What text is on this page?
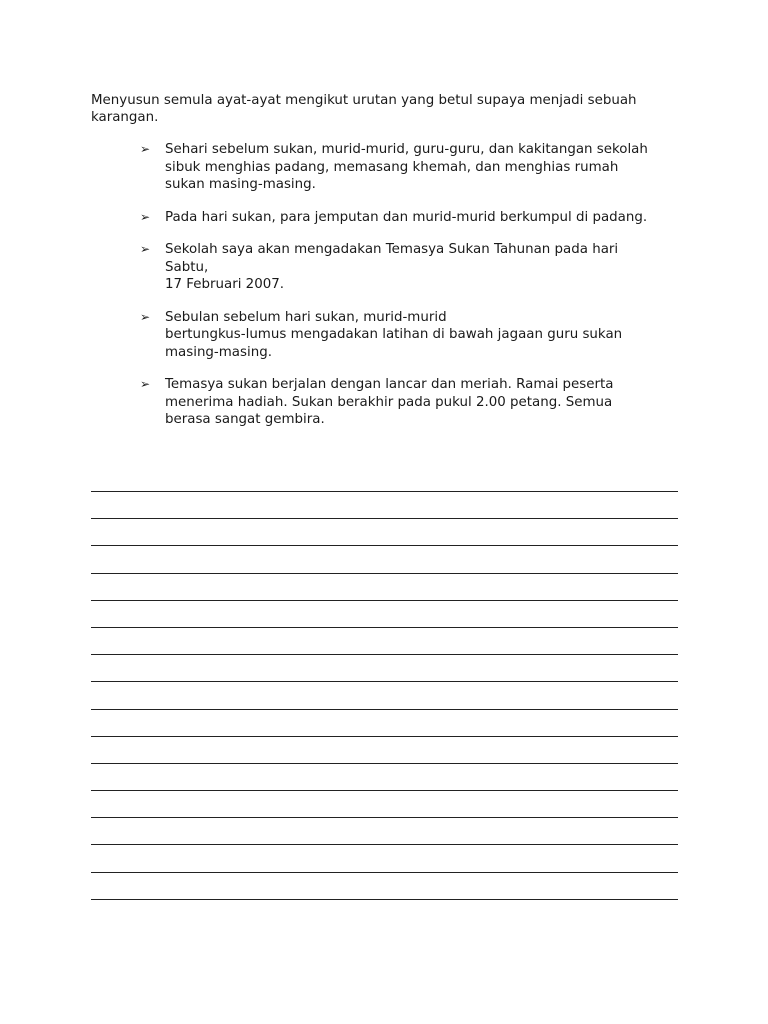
Menyusun semula ayat-ayat mengikut urutan yang betul supaya menjadi sebuah
karangan.
➢ Sehari sebelum sukan, murid-murid, guru-guru, dan kakitangan sekolah
sibuk menghias padang, memasang khemah, dan menghias rumah
sukan masing-masing.
➢ Pada hari sukan, para jemputan dan murid-murid berkumpul di padang.
➢ Sekolah saya akan mengadakan Temasya Sukan Tahunan pada hari
Sabtu,
17 Februari 2007.
➢ Sebulan sebelum hari sukan, murid-murid
bertungkus-lumus mengadakan latihan di bawah jagaan guru sukan
masing-masing.
➢ Temasya sukan berjalan dengan lancar dan meriah. Ramai peserta
menerima hadiah. Sukan berakhir pada pukul 2.00 petang. Semua
berasa sangat gembira.
